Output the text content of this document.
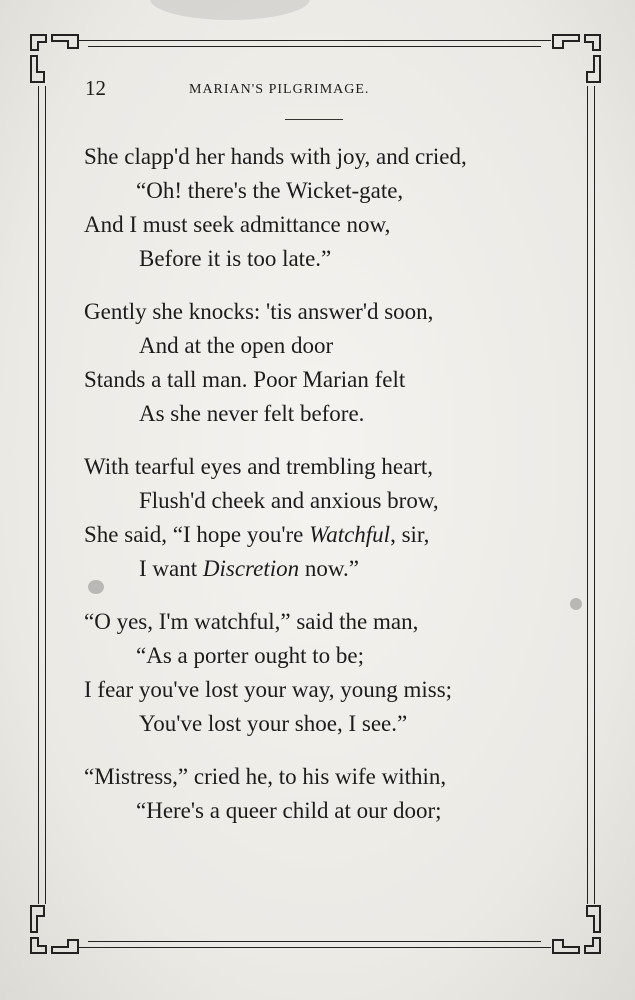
12	MARIAN'S PILGRIMAGE.
She clapp'd her hands with joy, and cried,
“Oh! there's the Wicket-gate,
And I must seek admittance now,
Before it is too late.”
Gently she knocks: 'tis answer'd soon,
And at the open door
Stands a tall man. Poor Marian felt
As she never felt before.
With tearful eyes and trembling heart,
Flush'd cheek and anxious brow,
She said, “I hope you're Watchful, sir,
I want Discretion now.”
“O yes, I'm watchful,” said the man,
“As a porter ought to be;
I fear you've lost your way, young miss;
You've lost your shoe, I see.”
“Mistress,” cried he, to his wife within,
“Here's a queer child at our door;
